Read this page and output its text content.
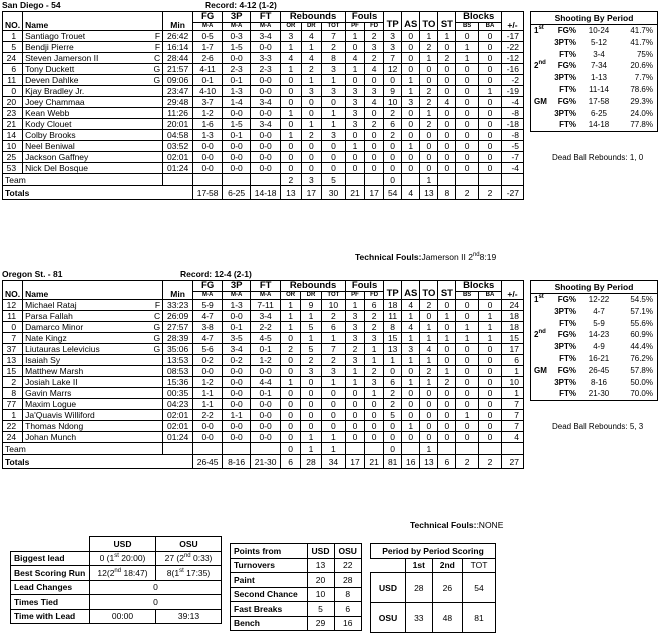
San Diego - 54	Record: 4-12 (1-2)
NO.	Name	Min	FG	3P	FT	Rebounds			Fouls		TP	AS	TO	ST	Blocks		+/-
			M-A	M-A	M-A	OR	DR	TOT	PF	FD					BS	BA	
1	Santiago Trouet F	26:42	0-5	0-3	3-4	3	4	7	1	2	3	0	1	1	0	0	-17
5	Bendji Pierre F	16:14	1-7	1-5	0-0	1	1	2	0	3	3	0	2	0	1	0	-22
24	Steven Jamerson II C	28:44	2-6	0-0	3-3	4	4	8	4	2	7	0	1	2	1	0	-12
6	Tony Duckett G	21:57	4-11	2-3	2-3	1	2	3	1	4	12	0	0	0	0	0	-16
11	Deven Dahlke G	09:06	0-1	0-1	0-0	0	1	1	0	0	0	1	0	0	0	0	-2
0	Kjay Bradley Jr.	23:47	4-10	1-3	0-0	0	3	3	3	3	9	1	2	0	0	1	-19
20	Joey Chammaa	29:48	3-7	1-4	3-4	0	0	0	3	4	10	3	2	4	0	0	-4
23	Kean Webb	11:26	1-2	0-0	0-0	1	0	1	3	0	2	0	1	0	0	0	-8
21	Kody Clouet	20:01	1-6	1-5	3-4	0	1	1	3	2	6	0	2	0	0	0	-18
14	Colby Brooks	04:58	1-3	0-1	0-0	1	2	3	0	0	2	0	0	0	0	0	-8
10	Neel Beniwal	03:52	0-0	0-0	0-0	0	0	0	1	0	0	1	0	0	0	0	-5
25	Jackson Gaffney	02:01	0-0	0-0	0-0	0	0	0	0	0	0	0	0	0	0	0	-7
53	Nick Del Bosque	01:24	0-0	0-0	0-0	0	0	0	0	0	0	0	0	0	0	0	-4
Team						2	3	5			0		1				
Totals			17-58	6-25	14-18	13	17	30	21	17	54	4	13	8	2	2	-27
Shooting By Period
1st	FG%	10-24	41.7%
3PT%	5-12	41.7%
FT%	3-4	75%
2nd	FG%	7-34	20.6%
3PT%	1-13	7.7%
FT%	11-14	78.6%
GM	FG%	17-58	29.3%
3PT%	6-25	24.0%
FT%	14-18	77.8%
Dead Ball Rebounds: 1, 0
Technical Fouls:Jamerson II 2nd8:19
Oregon St. - 81	Record: 12-4 (2-1)
NO.	Name	Min	FG	3P	FT	Rebounds			Fouls		TP	AS	TO	ST	Blocks		+/-
			M-A	M-A	M-A	OR	DR	TOT	PF	FD					BS	BA	
12	Michael Rataj F	33:23	5-9	1-3	7-11	1	9	10	1	6	18	4	2	0	0	0	24
11	Parsa Fallah C	26:09	4-7	0-0	3-4	1	1	2	3	2	11	1	0	1	0	1	18
0	Damarco Minor G	27:57	3-8	0-1	2-2	1	5	6	3	2	8	4	1	0	1	1	18
7	Nate Kingz G	28:39	4-7	3-5	4-5	0	1	1	3	3	15	1	1	1	1	1	15
37	Liutauras Lelevicius G	35:06	5-6	3-4	0-1	2	5	7	2	1	13	3	4	0	0	0	17
13	Isaiah Sy	13:53	0-2	0-2	1-2	0	2	2	3	1	1	1	1	0	0	0	6
15	Matthew Marsh	08:53	0-0	0-0	0-0	0	3	3	1	2	0	0	2	1	0	0	1
2	Josiah Lake II	15:36	1-2	0-0	4-4	1	0	1	1	3	6	1	1	2	0	0	10
8	Gavin Marrs	00:35	1-1	0-0	0-1	0	0	0	0	1	2	0	0	0	0	0	1
77	Maxim Logue	04:23	1-1	0-0	0-0	0	0	0	0	0	2	0	0	0	0	0	7
1	Ja'Quavis Williford	02:01	2-2	1-1	0-0	0	0	0	0	0	5	0	0	0	1	0	7
22	Thomas Ndong	02:01	0-0	0-0	0-0	0	0	0	0	0	0	1	0	0	0	0	7
24	Johan Munch	01:24	0-0	0-0	0-0	0	1	1	0	0	0	0	0	0	0	0	4
Team						0	1	1			0		1				
Totals			26-45	8-16	21-30	6	28	34	17	21	81	16	13	6	2	2	27
Shooting By Period
1st	FG%	12-22	54.5%
3PT%	4-7	57.1%
FT%	5-9	55.6%
2nd	FG%	14-23	60.9%
3PT%	4-9	44.4%
FT%	16-21	76.2%
GM	FG%	26-45	57.8%
3PT%	8-16	50.0%
FT%	21-30	70.0%
Dead Ball Rebounds: 5, 3
Technical Fouls::NONE
	USD	OSU
Biggest lead	0 (1st 20:00)	27 (2nd 0:33)
Best Scoring Run	12(2nd 18:47)	8(1st 17:35)
Lead Changes	0	
Times Tied	0	
Time with Lead	00:00	39:13
Points from	USD	OSU
Turnovers	13	22
Paint	20	28
Second Chance	10	8
Fast Breaks	5	6
Bench	29	16
Period by Period Scoring			
	1st	2nd	TOT
USD	28	26	54
OSU	33	48	81
